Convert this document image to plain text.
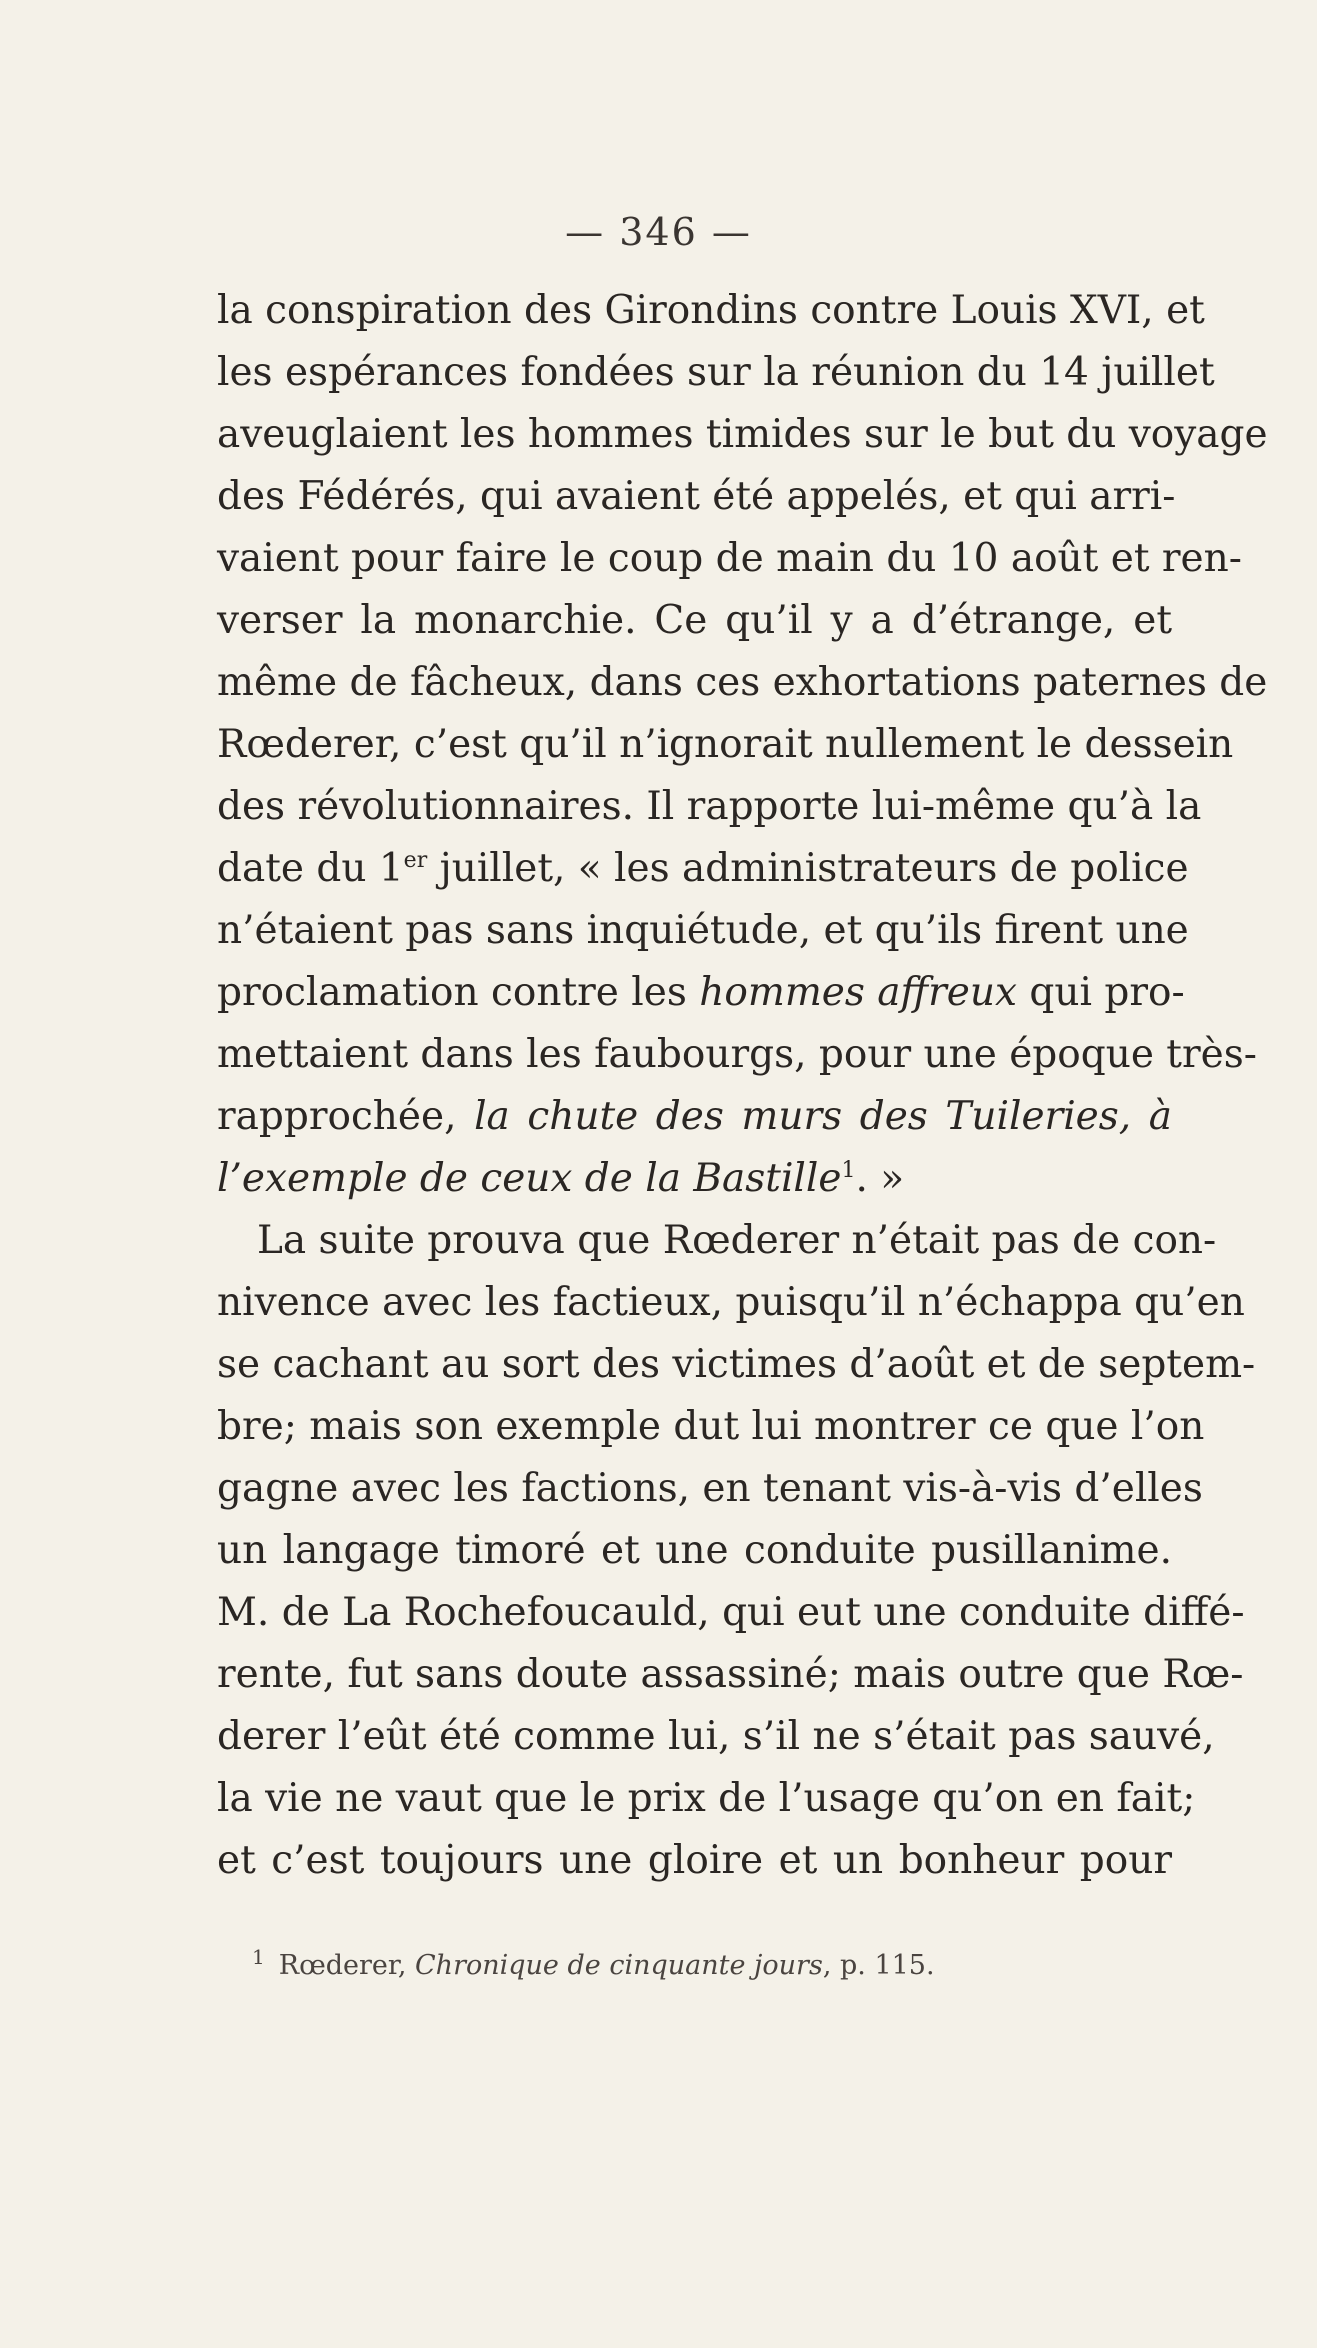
— 346 —
la conspiration des Girondins contre Louis XVI, et
les espérances fondées sur la réunion du 14 juillet
aveuglaient les hommes timides sur le but du voyage
des Fédérés, qui avaient été appelés, et qui arri-
vaient pour faire le coup de main du 10 août et ren-
verser la monarchie. Ce qu’il y a d’étrange, et
même de fâcheux, dans ces exhortations paternes de
Rœderer, c’est qu’il n’ignorait nullement le dessein
des révolutionnaires. Il rapporte lui-même qu’à la
date du 1er juillet, « les administrateurs de police
n’étaient pas sans inquiétude, et qu’ils firent une
proclamation contre les hommes affreux qui pro-
mettaient dans les faubourgs, pour une époque très-
rapprochée, la chute des murs des Tuileries, à
l’exemple de ceux de la Bastille$^1$. »
La suite prouva que Rœderer n’était pas de con-
nivence avec les factieux, puisqu’il n’échappa qu’en
se cachant au sort des victimes d’août et de septem-
bre; mais son exemple dut lui montrer ce que l’on
gagne avec les factions, en tenant vis-à-vis d’elles
un langage timoré et une conduite pusillanime.
M. de La Rochefoucauld, qui eut une conduite diffé-
rente, fut sans doute assassiné; mais outre que Rœ-
derer l’eût été comme lui, s’il ne s’était pas sauvé,
la vie ne vaut que le prix de l’usage qu’on en fait;
et c’est toujours une gloire et un bonheur pour
$^1$ Rœderer, Chronique de cinquante jours, p. 115.
